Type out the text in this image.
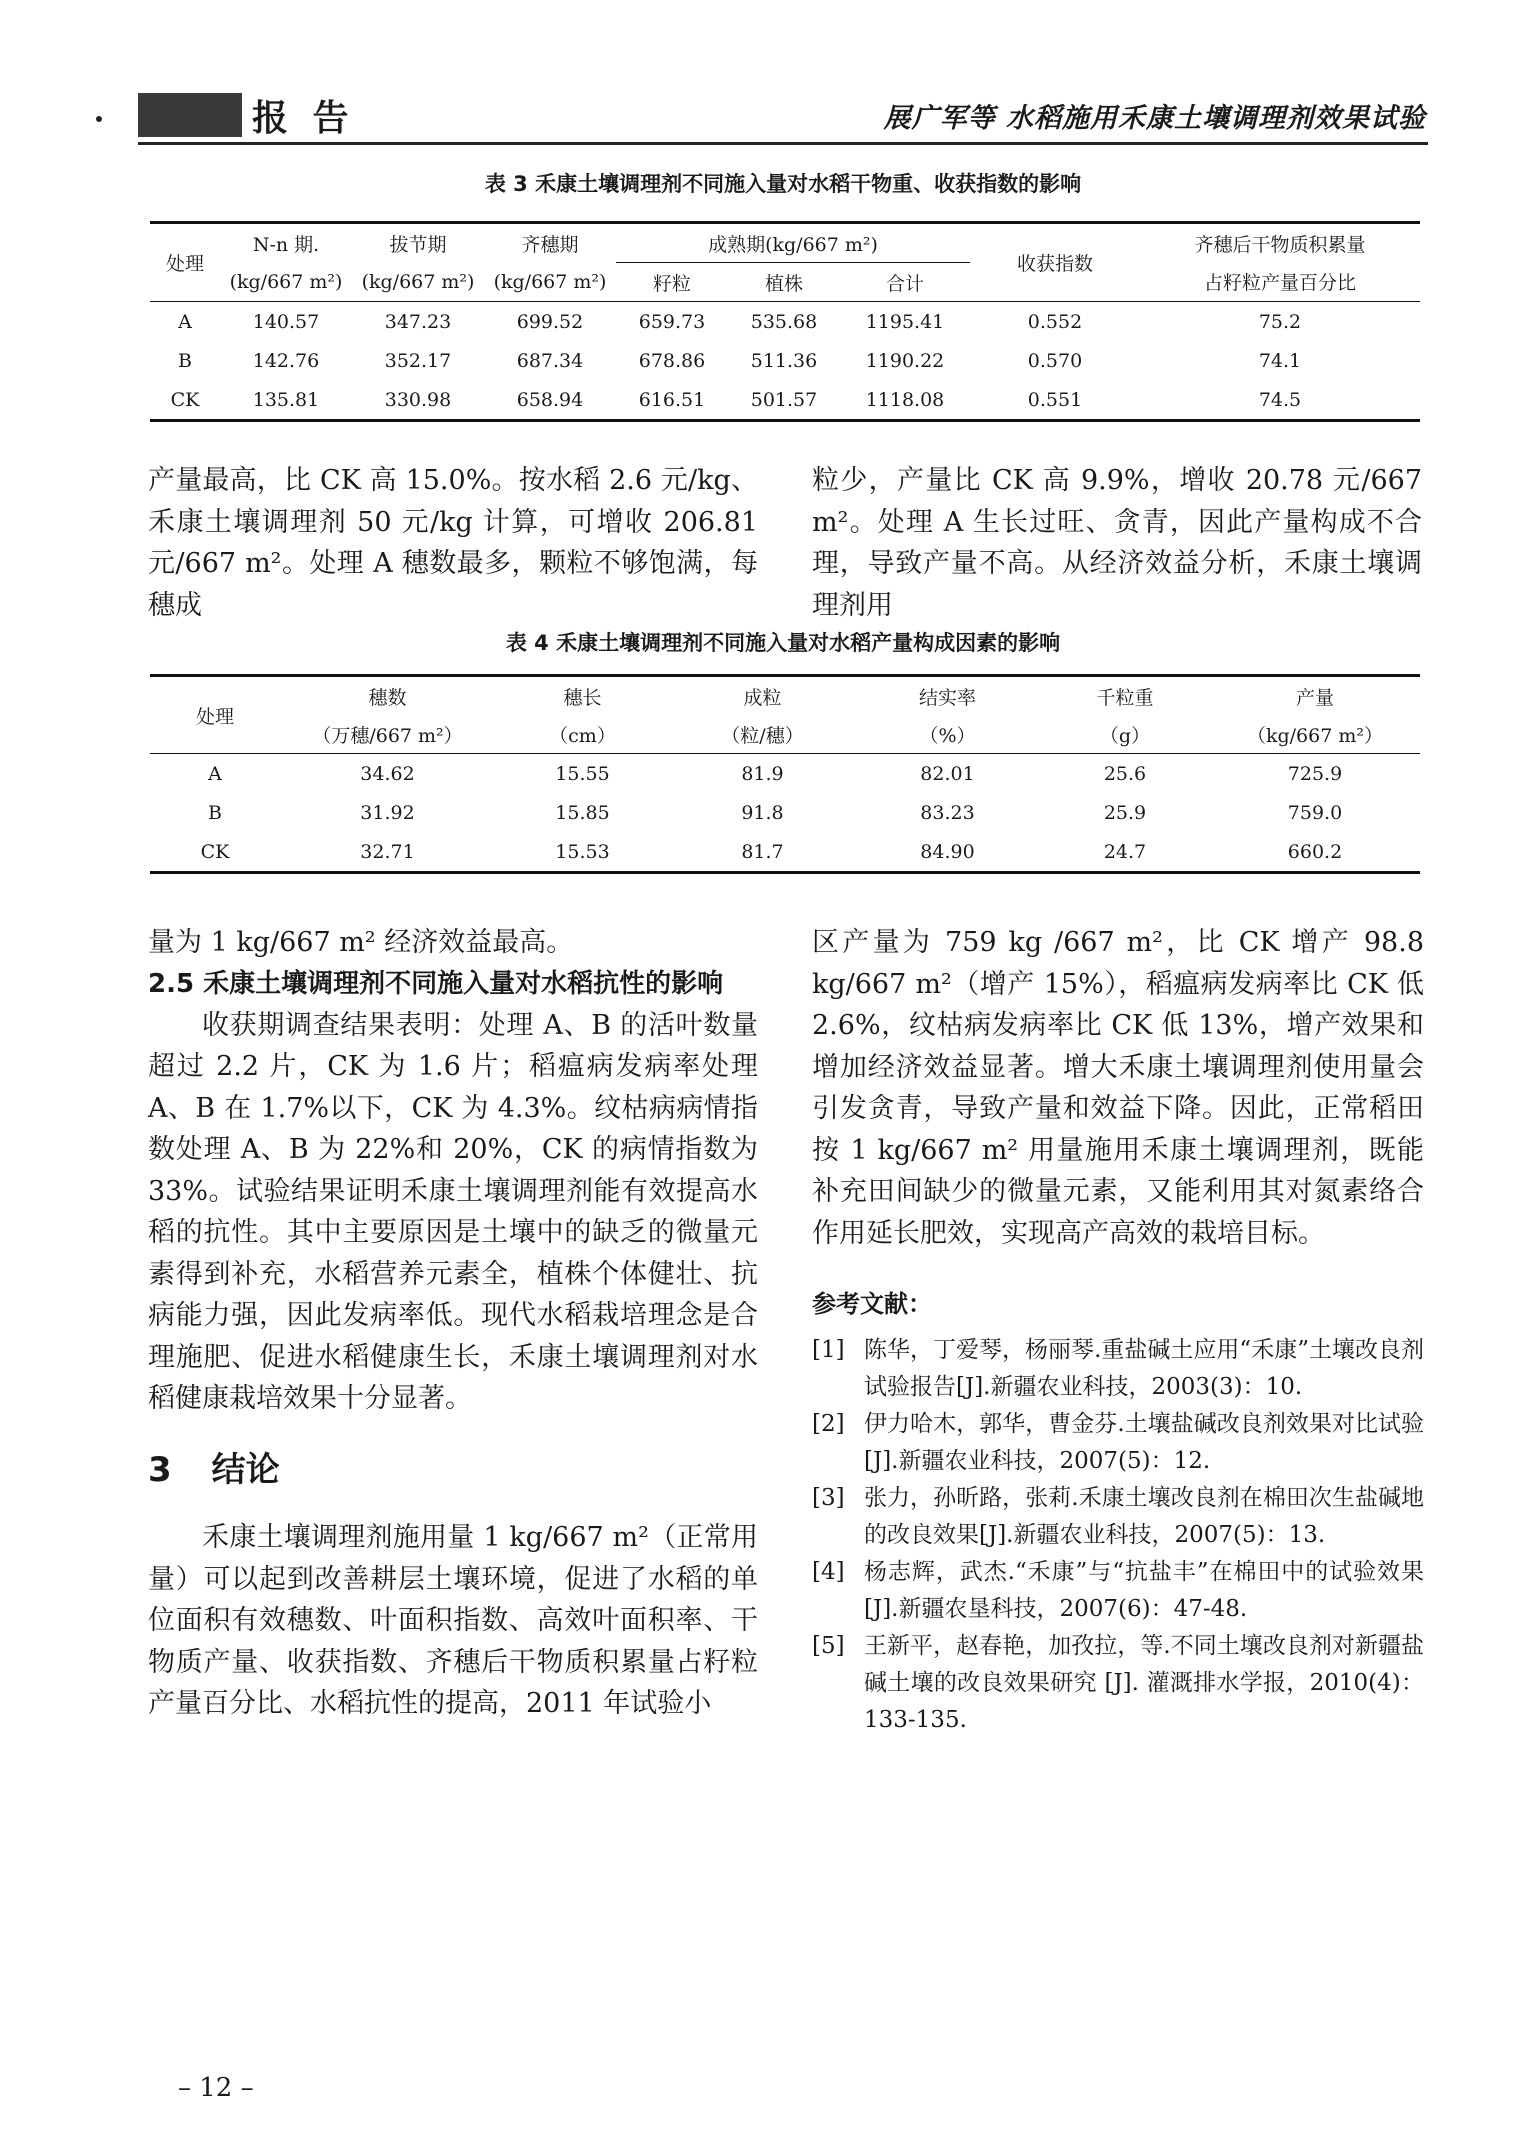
报 告	展广军等 水稻施用禾康土壤调理剂效果试验
表 3 禾康土壤调理剂不同施入量对水稻干物重、收获指数的影响
处理	N-n 期.	拔节期	齐穗期	成熟期(kg/667 m²)			收获指数	齐穗后干物质积累量
	(kg/667 m²)	(kg/667 m²)	(kg/667 m²)	籽粒	植株	合计		占籽粒产量百分比
A	140.57	347.23	699.52	659.73	535.68	1195.41	0.552	75.2
B	142.76	352.17	687.34	678.86	511.36	1190.22	0.570	74.1
CK	135.81	330.98	658.94	616.51	501.57	1118.08	0.551	74.5

产量最高，比 CK 高 15.0%。按水稻 2.6 元/kg、禾康土壤调理剂 50 元/kg 计算，可增收 206.81 元/667 m²。处理 A 穗数最多，颗粒不够饱满，每穗成

粒少，产量比 CK 高 9.9%，增收 20.78 元/667 m²。处理 A 生长过旺、贪青，因此产量构成不合理，导致产量不高。从经济效益分析，禾康土壤调理剂用

表 4 禾康土壤调理剂不同施入量对水稻产量构成因素的影响
处理	穗数	穗长	成粒	结实率	千粒重	产量
	（万穗/667 m²）	（cm）	（粒/穗）	（%）	（g）	（kg/667 m²）
A	34.62	15.55	81.9	82.01	25.6	725.9
B	31.92	15.85	91.8	83.23	25.9	759.0
CK	32.71	15.53	81.7	84.90	24.7	660.2

量为 1 kg/667 m² 经济效益最高。

2.5 禾康土壤调理剂不同施入量对水稻抗性的影响

收获期调查结果表明：处理 A、B 的活叶数量超过 2.2 片，CK 为 1.6 片；稻瘟病发病率处理 A、B 在 1.7%以下，CK 为 4.3%。纹枯病病情指数处理 A、B 为 22%和 20%，CK 的病情指数为 33%。试验结果证明禾康土壤调理剂能有效提高水稻的抗性。其中主要原因是土壤中的缺乏的微量元素得到补充，水稻营养元素全，植株个体健壮、抗病能力强，因此发病率低。现代水稻栽培理念是合理施肥、促进水稻健康生长，禾康土壤调理剂对水稻健康栽培效果十分显著。

3 结论

禾康土壤调理剂施用量 1 kg/667 m²（正常用量）可以起到改善耕层土壤环境，促进了水稻的单位面积有效穗数、叶面积指数、高效叶面积率、干物质产量、收获指数、齐穗后干物质积累量占籽粒产量百分比、水稻抗性的提高，2011 年试验小

区产量为 759 kg /667 m²，比 CK 增产 98.8 kg/667 m²（增产 15%），稻瘟病发病率比 CK 低 2.6%，纹枯病发病率比 CK 低 13%，增产效果和增加经济效益显著。增大禾康土壤调理剂使用量会引发贪青，导致产量和效益下降。因此，正常稻田按 1 kg/667 m² 用量施用禾康土壤调理剂，既能补充田间缺少的微量元素，又能利用其对氮素络合作用延长肥效，实现高产高效的栽培目标。

参考文献：

[1] 陈华，丁爱琴，杨丽琴.重盐碱土应用“禾康”土壤改良剂试验报告[J].新疆农业科技，2003(3)：10.
[2] 伊力哈木，郭华，曹金芬.土壤盐碱改良剂效果对比试验[J].新疆农业科技，2007(5)：12.
[3] 张力，孙昕路，张莉.禾康土壤改良剂在棉田次生盐碱地的改良效果[J].新疆农业科技，2007(5)：13.
[4] 杨志辉，武杰.“禾康”与“抗盐丰”在棉田中的试验效果[J].新疆农垦科技，2007(6)：47-48.
[5] 王新平，赵春艳，加孜拉，等.不同土壤改良剂对新疆盐碱土壤的改良效果研究 [J]. 灌溉排水学报，2010(4)：133-135.
– 12 –
